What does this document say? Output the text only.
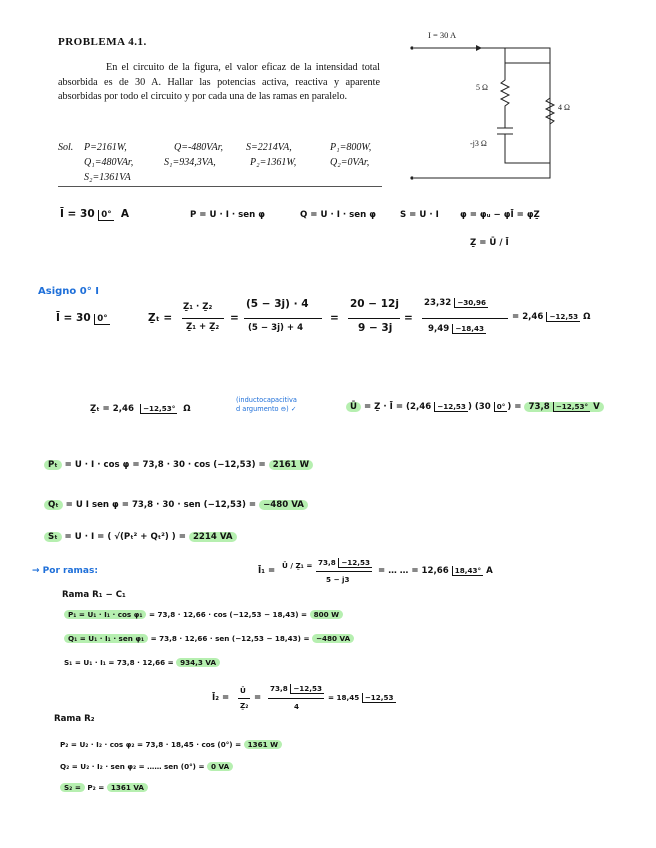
PROBLEMA 4.1.
En el circuito de la figura, el valor eficaz de la intensidad total absorbida es de 30 A. Hallar las potencias activa, reactiva y aparente absorbidas por todo el circuito y por cada una de las ramas en paralelo.
Sol. P=2161W,	Q=-480VAr, S=2214VA,	P₁=800W,
Q₁=480VAr,	S₁=934,3VA,	P₂=1361W,	Q₂=0VAr,
S₂=1361VA
I = 30 A
5 Ω
-j3 Ω
4 Ω
Ī = 30 0° A	P = U · I · sen φ	Q = U · I · sen φ	S = U · I φ = φᵤ − φĪ = φẔ
Ẕ = Ū / Ī
Asigno 0° I
Ī = 30 0°	Ẕₜ =
Ẕ₁ · Ẕ₂
Ẕ₁ + Ẕ₂
=
(5 − 3j) · 4
(5 − 3j) + 4
=
20 − 12j
9 − 3j
=
23,32 −30,96
9,49 −18,43
= 2,46 −12,53 Ω
Ẕₜ = 2,46 −12,53° Ω
(inductocapacitiva
d argumento ⊖) ✓	Ū = Ẕ · Ī = (2,46 −12,53 ) (30 0° ) = 73,8 −12,53° V
Pₜ = U · I · cos φ = 73,8 · 30 · cos (−12,53) = 2161 W
Qₜ = U I sen φ = 73,8 · 30 · sen (−12,53) = −480 VA
Sₜ = U · I = ( √(Pₜ² + Qₜ²) ) = 2214 VA
→ Por ramas:	Ī₁ =
Ū / Ẕ₁ = 73,8 −12,53
5 − j3
= … … = 12,66 18,43° A
Rama R₁ − C₁
P₁ = U₁ · I₁ · cos φ₁ = 73,8 · 12,66 · cos (−12,53 − 18,43) = 800 W
Q₁ = U₁ · I₁ · sen φ₁ = 73,8 · 12,66 · sen (−12,53 − 18,43) = −480 VA
S₁ = U₁ · I₁ = 73,8 · 12,66 = 934,3 VA
Ī₂ =
Ū
Ẕ₂
=
73,8 −12,53
4
= 18,45 −12,53
Rama R₂
P₂ = U₂ · I₂ · cos φ₂ = 73,8 · 18,45 · cos (0°) = 1361 W
Q₂ = U₂ · I₂ · sen φ₂ = …… sen (0°) = 0 VA
S₂ = P₂ = 1361 VA
